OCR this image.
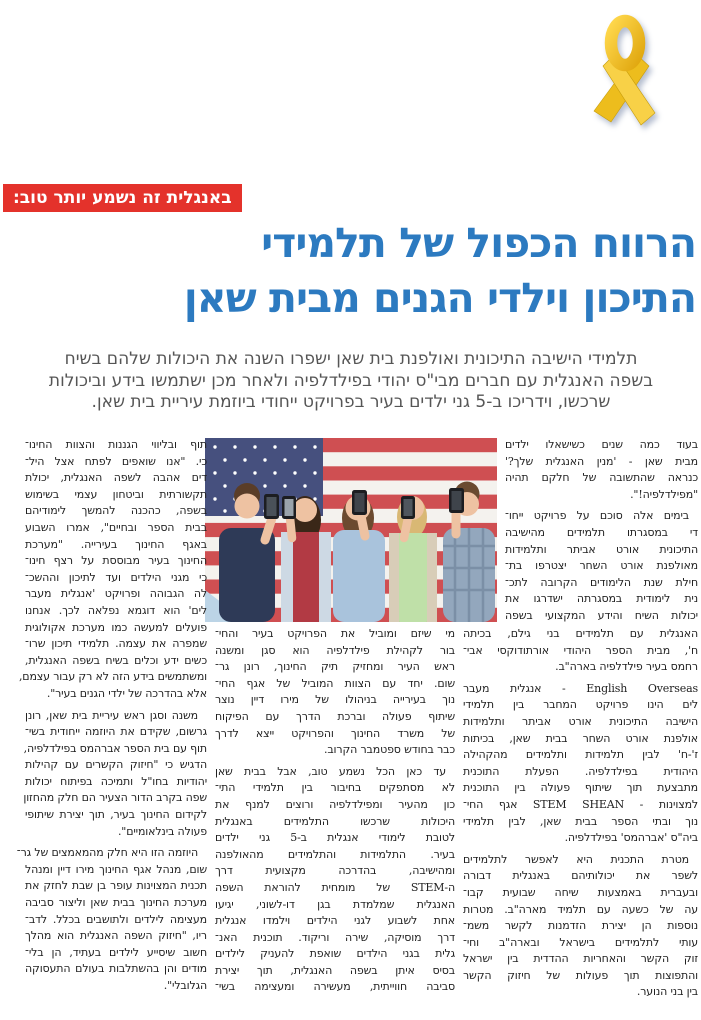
באנגלית זה נשמע יותר טוב:
הרווח הכפול של תלמידי
התיכון וילדי הגנים מבית שאן
תלמידי הישיבה התיכונית ואולפנת בית שאן ישפרו השנה את היכולות שלהם בשיח
בשפה האנגלית עם חברים מבי"ס יהודי בפילדלפיה ולאחר מכן ישתמשו בידע וביכולות
שרכשו, וידריכו ב-5 גני ילדים בעיר בפרויקט ייחודי ביוזמת עיריית בית שאן.
בעוד כמה שנים כשישאלו ילדים
מבית שאן - 'מנין האנגלית שלך?'
כנראה שהתשובה של חלקם תהיה
"מפילדלפיה!".
בימים אלה סוכם על פרויקט ייחו־
די במסגרתו תלמידים מהישיבה
התיכונית אורט אביתר ותלמידות
מאולפנת אורט השחר יצטרפו בת־
חילת שנת הלימודים הקרובה לתכ־
נית לימודית במסגרתה ישדרגו את
יכולות השיח והידע המקצועי בשפה
האנגלית עם תלמידים בני גילם, בכיתה
ח', מבית הספר היהודי אורתודוקסי אבי־
רחמס בעיר פילדלפיה בארה"ב.
English Overseas - אנגלית מעבר
לים הינו פרויקט המחבר בין תלמידי
הישיבה התיכונית אורט אביתר ותלמידות
אולפנת אורט השחר בבית שאן, בכיתות
ז'-ח' לבין תלמידות ותלמידים מהקהילה
היהודית בפילדלפיה. הפעלת התוכנית
מתבצעת תוך שיתוף פעולה בין התוכנית
למצוינות - STEM SHEAN אגף החי־
נוך ובתי הספר בבית שאן, לבין תלמידי
ביה"ס 'אברהמס' בפילדלפיה.
מטרת התכנית היא לאפשר לתלמידים
לשפר את יכולותיהם באנגלית דבורה
ובעברית באמצעות שיחה שבועית קבו־
עה של כשעה עם תלמיד מארה"ב. מטרות
נוספות הן יצירת הזדמנות לקשר משמ־
עותי לתלמידים בישראל ובארה"ב וחי־
זוק הקשר והאחריות ההדדית בין ישראל
והתפוצות תוך פעולות של חיזוק הקשר
בין בני הנוער.
מי שיזם ומוביל את הפרויקט בעיר והחי־
בור לקהילת פילדלפיה הוא סגן ומשנה
ראש העיר ומחזיק תיק החינוך, רונן גר־
שום. יחד עם הצוות המוביל של אגף החי־
נוך בעירייה בניהולו של מירו דיין נוצר
שיתוף פעולה וברכת הדרך עם הפיקוח
של משרד החינוך והפרויקט ייצא לדרך
כבר בחודש ספטמבר הקרוב.
עד כאן הכל נשמע טוב, אבל בבית שאן
לא מסתפקים בחיבור בין תלמידי התי־
כון מהעיר ומפילדלפיה ורוצים למנף את
היכולות שרכשו התלמידים באנגלית
לטובת לימודי אנגלית ב-5 גני ילדים
בעיר. התלמידות והתלמידים מהאולפנה
ומהישיבה, בהדרכה מקצועית דרך
ה-STEM של מומחית להוראת השפה
האנגלית שמלמדת בגן דו-לשוני, יגיעו
אחת לשבוע לגני הילדים וילמדו אנגלית
דרך מוסיקה, שירה וריקוד. תוכנית האנ־
גלית בגני הילדים שואפת להעניק לילדים
בסיס איתן בשפה האנגלית, תוך יצירת
סביבה חווייתית, מעשירה ומעצימה בשי־
תוף ובליווי הגננות והצוות החינו־
כי. "אנו שואפים לפתח אצל היל־
דים אהבה לשפה האנגלית, יכולת
תקשורתית וביטחון עצמי בשימוש
בשפה, כהכנה להמשך לימודיהם
בבית הספר ובחיים", אמרו השבוע
באגף החינוך בעירייה. "מערכת
החינוך בעיר מבוססת על רצף חינו־
כי מגני הילדים ועד לתיכון וההשכ־
לה הגבוהה ופרויקט 'אנגלית מעבר
לים' הוא דוגמא נפלאה לכך. אנחנו
פועלים למעשה כמו מערכת אקולוגית
שמפרה את עצמה. תלמידי תיכון שרו־
כשים ידע וכלים בשיח בשפה האנגלית,
ומשתמשים בידע הזה לא רק עבור עצמם,
אלא בהדרכה של ילדי הגנים בעיר".
משנה וסגן ראש עיריית בית שאן, רונן
גרשום, שקידם את היוזמה ייחודית בשי־
תוף עם בית הספר אברהמס בפילדלפיה,
הדגיש כי "חיזוק הקשרים עם קהילות
יהודיות בחו"ל ותמיכה בפיתוח יכולות
שפה בקרב הדור הצעיר הם חלק מהחזון
לקידום החינוך בעיר, תוך יצירת שיתופי
פעולה בינלאומיים".
היוזמה הזו היא חלק מהמאמצים של גר־
שום, מנהל אגף החינוך מירו דיין ומנהל
תכנית המצוינות עופר בן שבת לחזק את
מערכת החינוך בבית שאן וליצור סביבה
מעצימה לילדים ולתושבים בכלל. לדב־
ריו, "חיזוק השפה האנגלית הוא מהלך
חשוב שיסייע לילדים בעתיד, הן בלי־
מודים והן בהשתלבות בעולם התעסוקה
הגלובלי".
